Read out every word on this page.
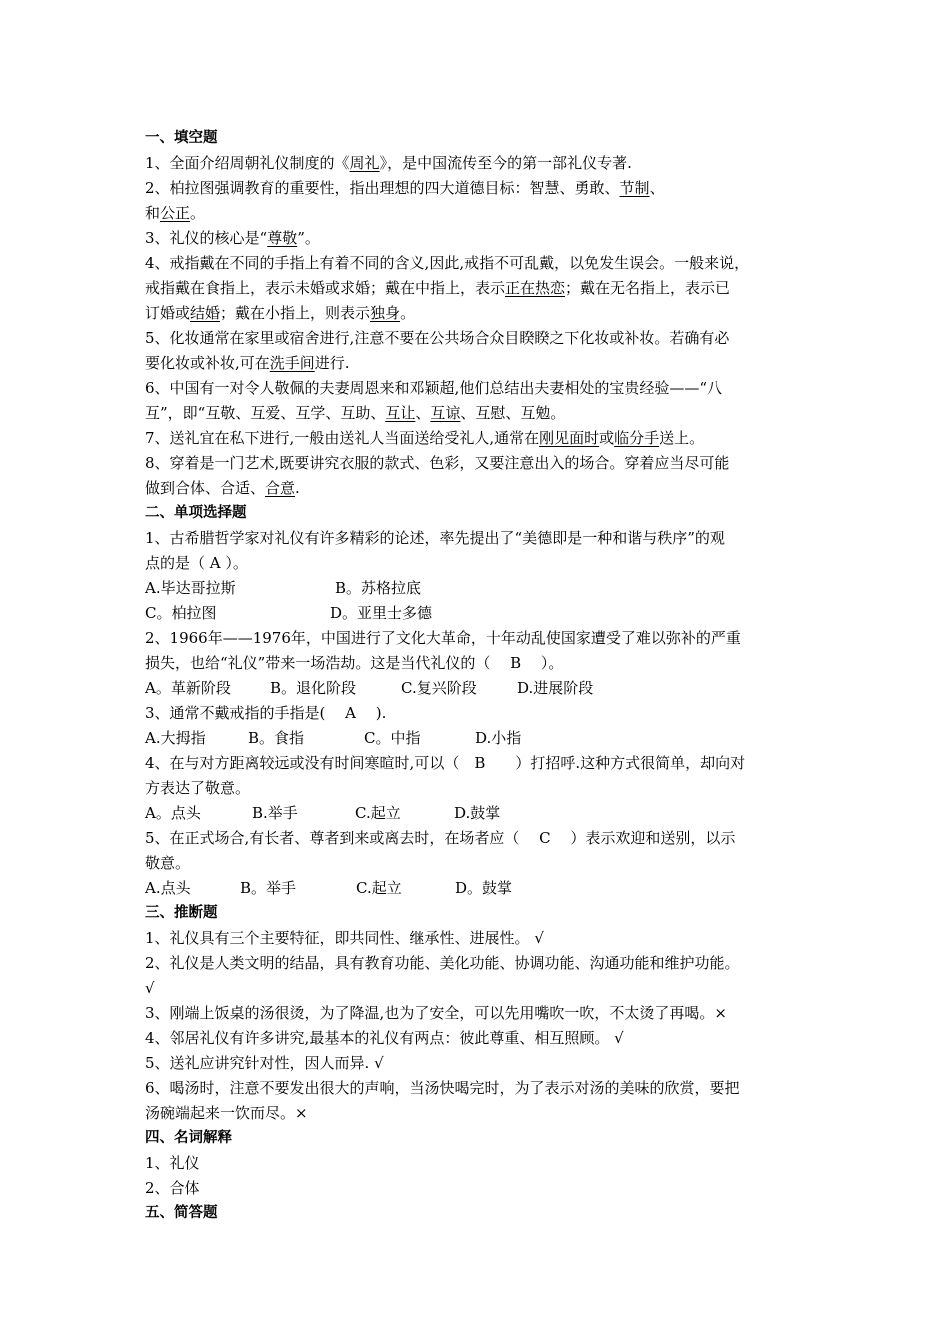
一、填空题
1、全面介绍周朝礼仪制度的《周礼》，是中国流传至今的第一部礼仪专著.
2、柏拉图强调教育的重要性，指出理想的四大道德目标：智慧、勇敢、节制、
和公正。
3、礼仪的核心是“尊敬”。
4、戒指戴在不同的手指上有着不同的含义,因此,戒指不可乱戴，以免发生误会。一般来说，
戒指戴在食指上，表示未婚或求婚；戴在中指上，表示正在热恋；戴在无名指上，表示已
订婚或结婚；戴在小指上，则表示独身。
5、化妆通常在家里或宿舍进行,注意不要在公共场合众目睽睽之下化妆或补妆。若确有必
要化妆或补妆,可在洗手间进行.
6、中国有一对令人敬佩的夫妻周恩来和邓颖超,他们总结出夫妻相处的宝贵经验——“八
互”，即“互敬、互爱、互学、互助、互让、互谅、互慰、互勉。
7、送礼宜在私下进行,一般由送礼人当面送给受礼人,通常在刚见面时或临分手送上。
8、穿着是一门艺术,既要讲究衣服的款式、色彩，又要注意出入的场合。穿着应当尽可能
做到合体、合适、合意.
二、单项选择题
1、古希腊哲学家对礼仪有许多精彩的论述，率先提出了“美德即是一种和谐与秩序”的观
点的是（ A ）。
A.毕达哥拉斯	B。苏格拉底
C。柏拉图	D。亚里士多德
2、1966年——1976年，中国进行了文化大革命，十年动乱使国家遭受了难以弥补的严重
损失，也给“礼仪”带来一场浩劫。这是当代礼仪的（　 B　 ）。
A。革新阶段	B。退化阶段	C.复兴阶段	D.进展阶段
3、通常不戴戒指的手指是(　 A　 ).
A.大拇指	B。食指	C。中指	D.小指
4、在与对方距离较远或没有时间寒暄时,可以（　B　　）打招呼.这种方式很简单，却向对
方表达了敬意。
A。点头	B.举手	C.起立	D.鼓掌
5、在正式场合,有长者、尊者到来或离去时，在场者应（　 C　 ）表示欢迎和送别，以示
敬意。
A.点头	B。举手	C.起立	D。鼓掌
三、推断题
1、礼仪具有三个主要特征，即共同性、继承性、进展性。 √
2、礼仪是人类文明的结晶，具有教育功能、美化功能、协调功能、沟通功能和维护功能。
√
3、刚端上饭桌的汤很烫，为了降温,也为了安全，可以先用嘴吹一吹，不太烫了再喝。×
4、邻居礼仪有许多讲究,最基本的礼仪有两点：彼此尊重、相互照顾。 √
5、送礼应讲究针对性，因人而异. √
6、喝汤时，注意不要发出很大的声响，当汤快喝完时，为了表示对汤的美味的欣赏，要把
汤碗端起来一饮而尽。×
四、名词解释
1、礼仪
2、合体
五、简答题
